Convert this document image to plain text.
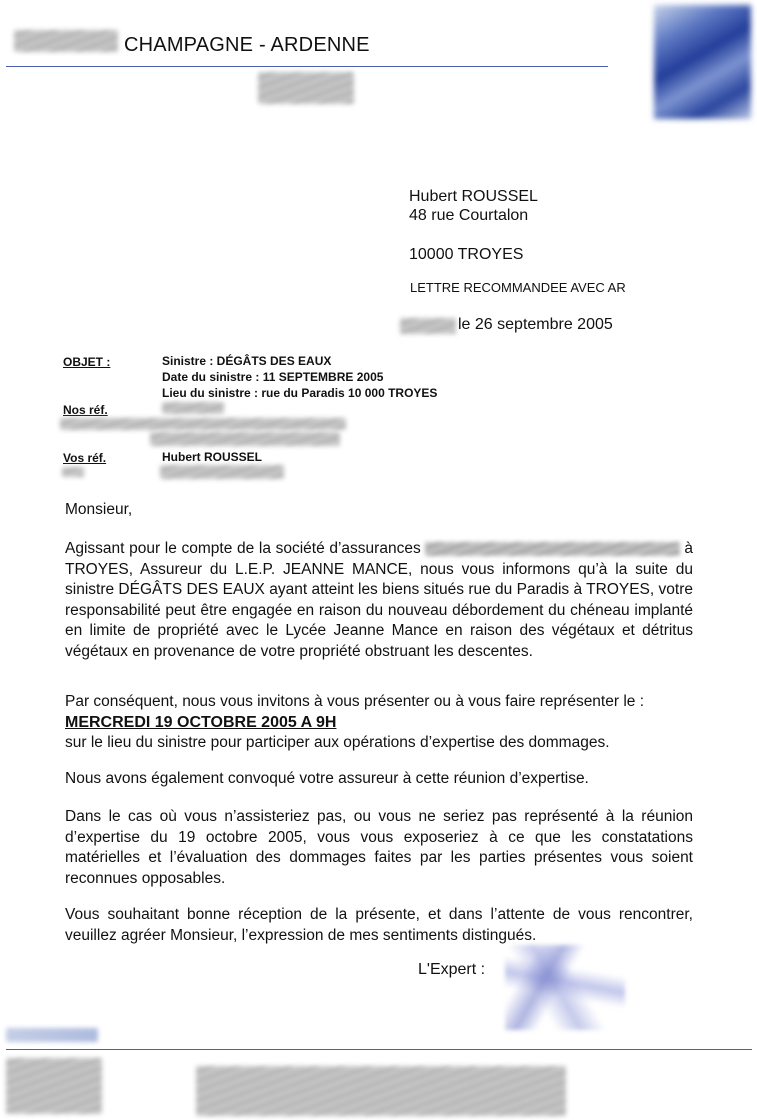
CHAMPAGNE - ARDENNE
Hubert ROUSSEL
48 rue Courtalon
10000 TROYES
LETTRE RECOMMANDEE AVEC AR
le 26 septembre 2005
OBJET :	Sinistre : DÉGÂTS DES EAUX
Date du sinistre : 11 SEPTEMBRE 2005
Lieu du sinistre : rue du Paradis 10 000 TROYES
Nos réf.
Vos réf.	Hubert ROUSSEL
Monsieur,

Agissant pour le compte de la société d’assurances	à TROYES, Assureur du L.E.P. JEANNE MANCE, nous vous informons qu’à la suite du sinistre DÉGÂTS DES EAUX ayant atteint les biens situés rue du Paradis à TROYES, votre responsabilité peut être engagée en raison du nouveau débordement du chéneau implanté en limite de propriété avec le Lycée Jeanne Mance en raison des végétaux et détritus végétaux en provenance de votre propriété obstruant les descentes.

Par conséquent, nous vous invitons à vous présenter ou à vous faire représenter le :

MERCREDI 19 OCTOBRE 2005 A 9H

sur le lieu du sinistre pour participer aux opérations d’expertise des dommages.

Nous avons également convoqué votre assureur à cette réunion d’expertise.
Dans le cas où vous n’assisteriez pas, ou vous ne seriez pas représenté à la réunion d’expertise du 19 octobre 2005, vous vous exposeriez à ce que les constatations matérielles et l’évaluation des dommages faites par les parties présentes vous soient reconnues opposables.
Vous souhaitant bonne réception de la présente, et dans l’attente de vous rencontrer, veuillez agréer Monsieur, l’expression de mes sentiments distingués.
L'Expert :
